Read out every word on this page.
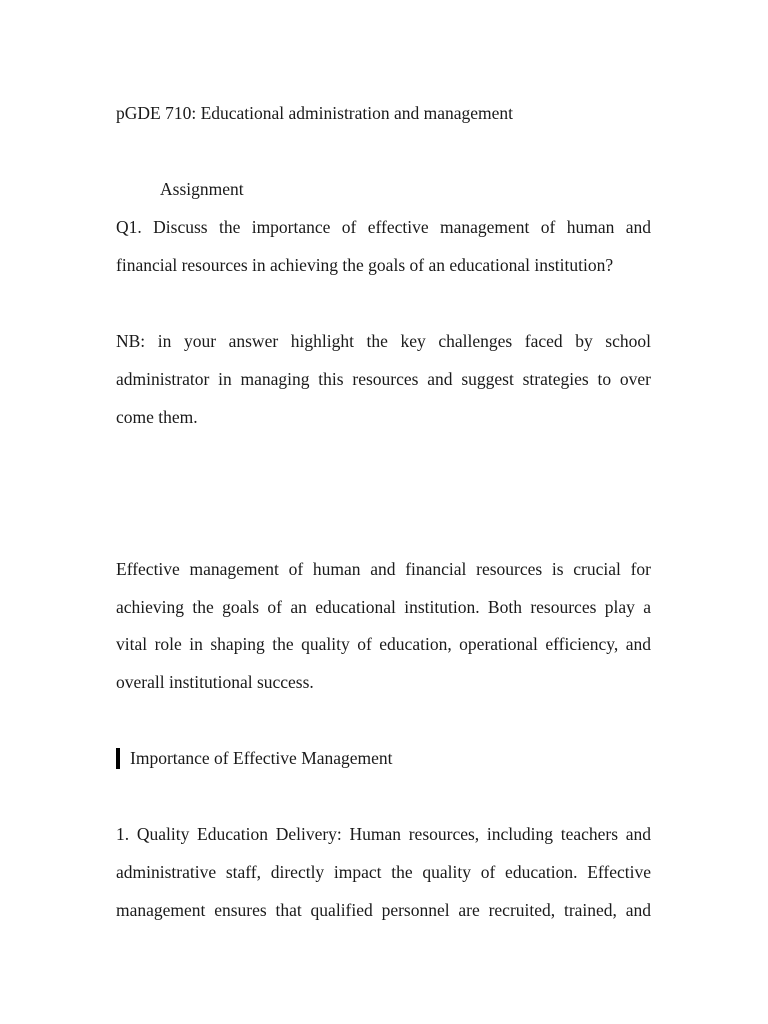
pGDE 710: Educational administration and management
Assignment
Q1. Discuss the importance of effective management of human and
financial resources in achieving the goals of an educational institution?
NB: in your answer highlight the key challenges faced by school
administrator in managing this resources and suggest strategies to over
come them.
Effective management of human and financial resources is crucial for
achieving the goals of an educational institution. Both resources play a
vital role in shaping the quality of education, operational efficiency, and
overall institutional success.
Importance of Effective Management
1. Quality Education Delivery: Human resources, including teachers and
administrative staff, directly impact the quality of education. Effective
management ensures that qualified personnel are recruited, trained, and
